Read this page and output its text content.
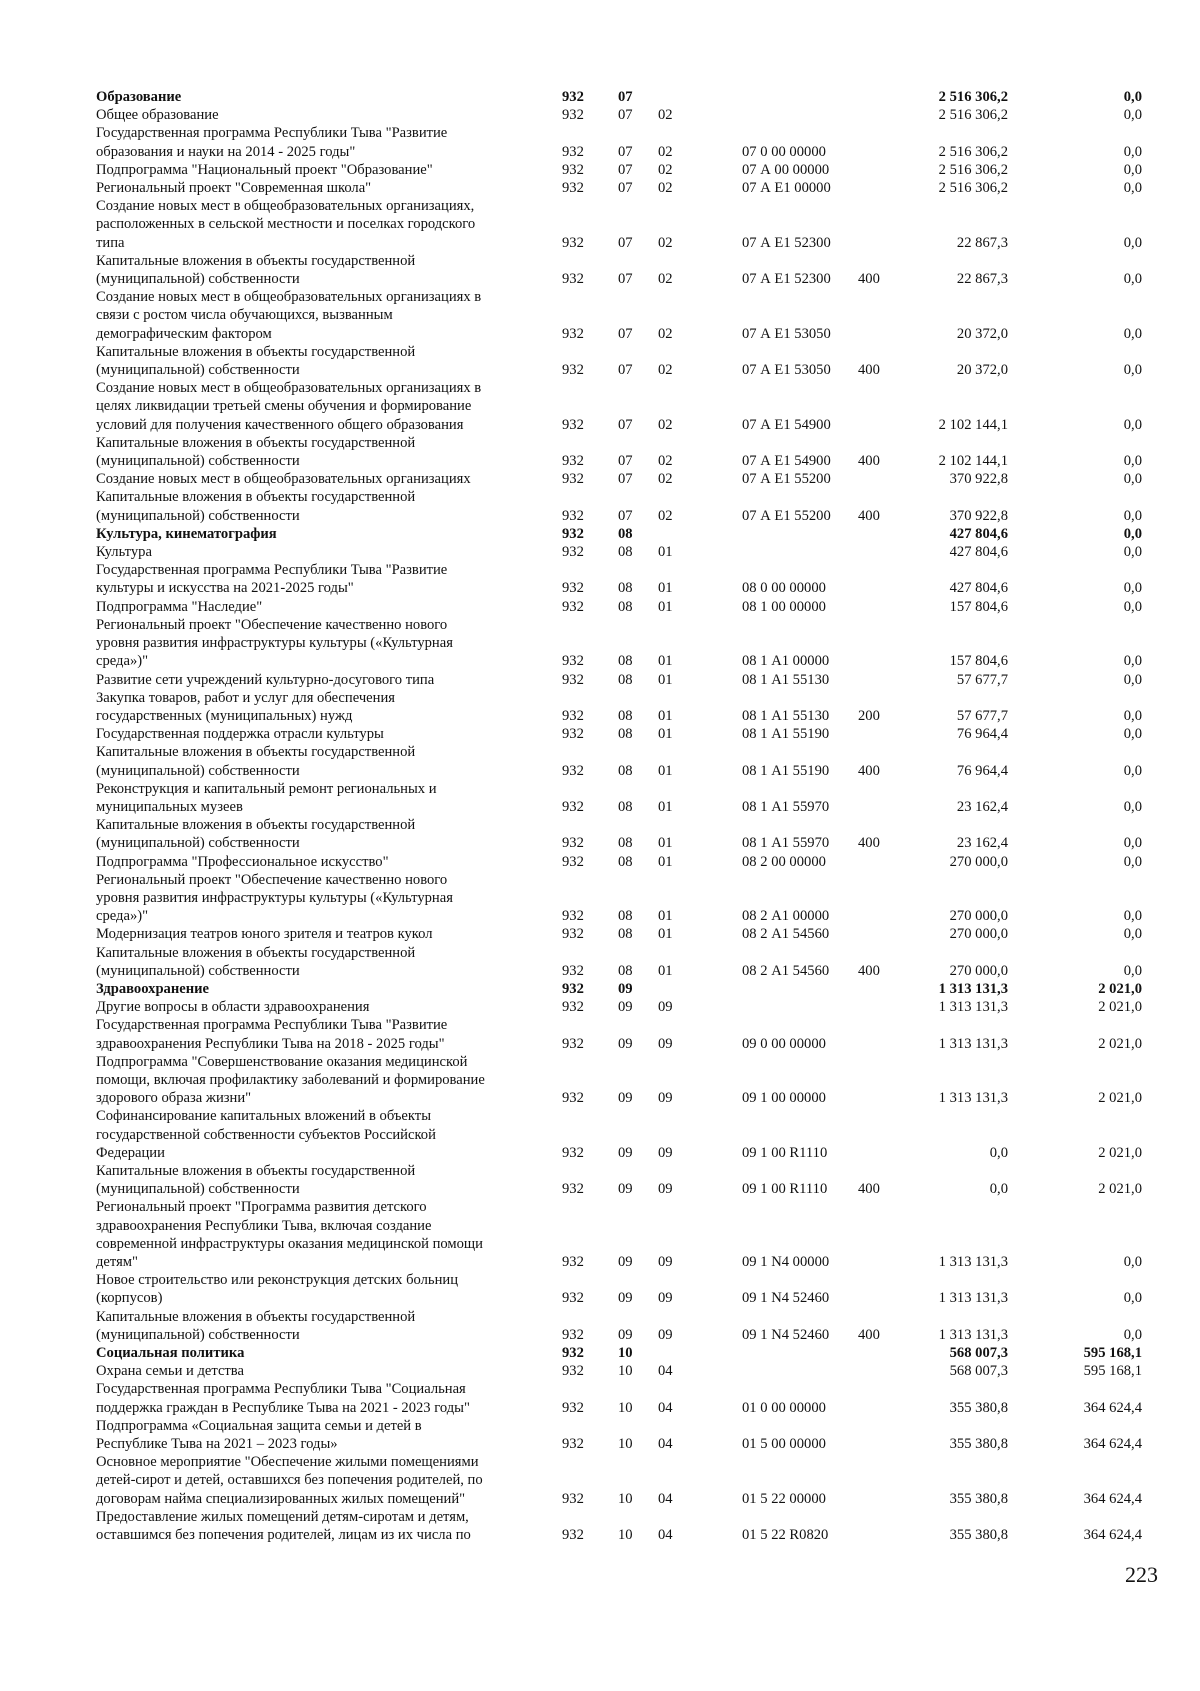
Образование	932	07				2 516 306,2	0,0
Общее образование	932	07	02			2 516 306,2	0,0
Государственная программа Республики Тыва "Развитие
образования и науки на 2014 - 2025 годы"	932	07	02	07 0 00 00000		2 516 306,2	0,0
Подпрограмма "Национальный проект "Образование"	932	07	02	07 А 00 00000		2 516 306,2	0,0
Региональный проект "Современная школа"	932	07	02	07 А Е1 00000		2 516 306,2	0,0
Создание новых мест в общеобразовательных организациях,
расположенных в сельской местности и поселках городского
типа	932	07	02	07 А Е1 52300		22 867,3	0,0
Капитальные вложения в объекты государственной
(муниципальной) собственности	932	07	02	07 А Е1 52300	400	22 867,3	0,0
Создание новых мест в общеобразовательных организациях в
связи с ростом числа обучающихся, вызванным
демографическим фактором	932	07	02	07 А Е1 53050		20 372,0	0,0
Капитальные вложения в объекты государственной
(муниципальной) собственности	932	07	02	07 А Е1 53050	400	20 372,0	0,0
Создание новых мест в общеобразовательных организациях в
целях ликвидации третьей смены обучения и формирование
условий для получения качественного общего образования	932	07	02	07 А Е1 54900		2 102 144,1	0,0
Капитальные вложения в объекты государственной
(муниципальной) собственности	932	07	02	07 А Е1 54900	400	2 102 144,1	0,0
Создание новых мест в общеобразовательных организациях	932	07	02	07 А Е1 55200		370 922,8	0,0
Капитальные вложения в объекты государственной
(муниципальной) собственности	932	07	02	07 А Е1 55200	400	370 922,8	0,0
Культура, кинематография	932	08				427 804,6	0,0
Культура	932	08	01			427 804,6	0,0
Государственная программа Республики Тыва "Развитие
культуры и искусства на 2021-2025 годы"	932	08	01	08 0 00 00000		427 804,6	0,0
Подпрограмма "Наследие"	932	08	01	08 1 00 00000		157 804,6	0,0
Региональный проект "Обеспечение качественно нового
уровня развития инфраструктуры культуры («Культурная
среда»)"	932	08	01	08 1 А1 00000		157 804,6	0,0
Развитие сети учреждений культурно-досугового типа	932	08	01	08 1 А1 55130		57 677,7	0,0
Закупка товаров, работ и услуг для обеспечения
государственных (муниципальных) нужд	932	08	01	08 1 А1 55130	200	57 677,7	0,0
Государственная поддержка отрасли культуры	932	08	01	08 1 А1 55190		76 964,4	0,0
Капитальные вложения в объекты государственной
(муниципальной) собственности	932	08	01	08 1 А1 55190	400	76 964,4	0,0
Реконструкция и капитальный ремонт региональных и
муниципальных музеев	932	08	01	08 1 А1 55970		23 162,4	0,0
Капитальные вложения в объекты государственной
(муниципальной) собственности	932	08	01	08 1 А1 55970	400	23 162,4	0,0
Подпрограмма "Профессиональное искусство"	932	08	01	08 2 00 00000		270 000,0	0,0
Региональный проект "Обеспечение качественно нового
уровня развития инфраструктуры культуры («Культурная
среда»)"	932	08	01	08 2 А1 00000		270 000,0	0,0
Модернизация театров юного зрителя и театров кукол	932	08	01	08 2 А1 54560		270 000,0	0,0
Капитальные вложения в объекты государственной
(муниципальной) собственности	932	08	01	08 2 А1 54560	400	270 000,0	0,0
Здравоохранение	932	09				1 313 131,3	2 021,0
Другие вопросы в области здравоохранения	932	09	09			1 313 131,3	2 021,0
Государственная программа Республики Тыва "Развитие
здравоохранения Республики Тыва на 2018 - 2025 годы"	932	09	09	09 0 00 00000		1 313 131,3	2 021,0
Подпрограмма "Совершенствование оказания медицинской
помощи, включая профилактику заболеваний и формирование
здорового образа жизни"	932	09	09	09 1 00 00000		1 313 131,3	2 021,0
Софинансирование капитальных вложений в объекты
государственной собственности субъектов Российской
Федерации	932	09	09	09 1 00 R1110		0,0	2 021,0
Капитальные вложения в объекты государственной
(муниципальной) собственности	932	09	09	09 1 00 R1110	400	0,0	2 021,0
Региональный проект "Программа развития детского
здравоохранения Республики Тыва, включая создание
современной инфраструктуры оказания медицинской помощи
детям"	932	09	09	09 1 N4 00000		1 313 131,3	0,0
Новое строительство или реконструкция детских больниц
(корпусов)	932	09	09	09 1 N4 52460		1 313 131,3	0,0
Капитальные вложения в объекты государственной
(муниципальной) собственности	932	09	09	09 1 N4 52460	400	1 313 131,3	0,0
Социальная политика	932	10				568 007,3	595 168,1
Охрана семьи и детства	932	10	04			568 007,3	595 168,1
Государственная программа Республики Тыва "Социальная
поддержка граждан в Республике Тыва на 2021 - 2023 годы"	932	10	04	01 0 00 00000		355 380,8	364 624,4
Подпрограмма «Социальная защита семьи и детей в
Республике Тыва на 2021 – 2023 годы»	932	10	04	01 5 00 00000		355 380,8	364 624,4
Основное мероприятие "Обеспечение жилыми помещениями
детей-сирот и детей, оставшихся без попечения родителей, по
договорам найма специализированных жилых помещений"	932	10	04	01 5 22 00000		355 380,8	364 624,4
Предоставление жилых помещений детям-сиротам и детям,
оставшимся без попечения родителей, лицам из их числа по	932	10	04	01 5 22 R0820		355 380,8	364 624,4
223
